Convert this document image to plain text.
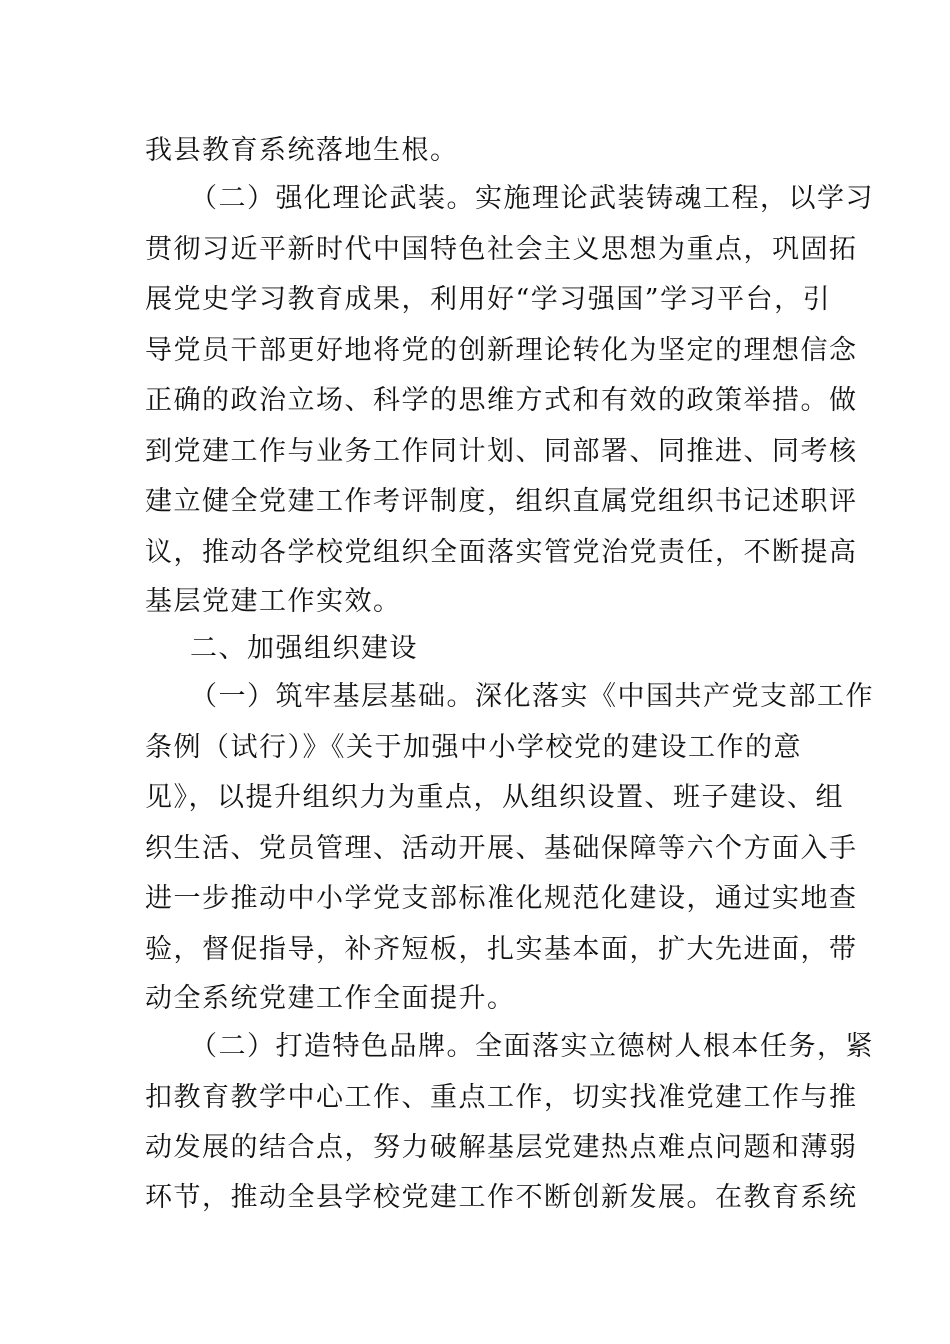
我县教育系统落地生根。
（二）强化理论武装。实施理论武装铸魂工程，以学习
贯彻习近平新时代中国特色社会主义思想为重点，巩固拓
展党史学习教育成果，利用好“学习强国”学习平台，引
导党员干部更好地将党的创新理论转化为坚定的理想信念
正确的政治立场、科学的思维方式和有效的政策举措。做
到党建工作与业务工作同计划、同部署、同推进、同考核
建立健全党建工作考评制度，组织直属党组织书记述职评
议，推动各学校党组织全面落实管党治党责任，不断提高
基层党建工作实效。
二、加强组织建设
（一）筑牢基层基础。深化落实《中国共产党支部工作
条例（试行）》《关于加强中小学校党的建设工作的意
见》，以提升组织力为重点，从组织设置、班子建设、组
织生活、党员管理、活动开展、基础保障等六个方面入手
进一步推动中小学党支部标准化规范化建设，通过实地查
验，督促指导，补齐短板，扎实基本面，扩大先进面，带
动全系统党建工作全面提升。
（二）打造特色品牌。全面落实立德树人根本任务，紧
扣教育教学中心工作、重点工作，切实找准党建工作与推
动发展的结合点，努力破解基层党建热点难点问题和薄弱
环节，推动全县学校党建工作不断创新发展。在教育系统
